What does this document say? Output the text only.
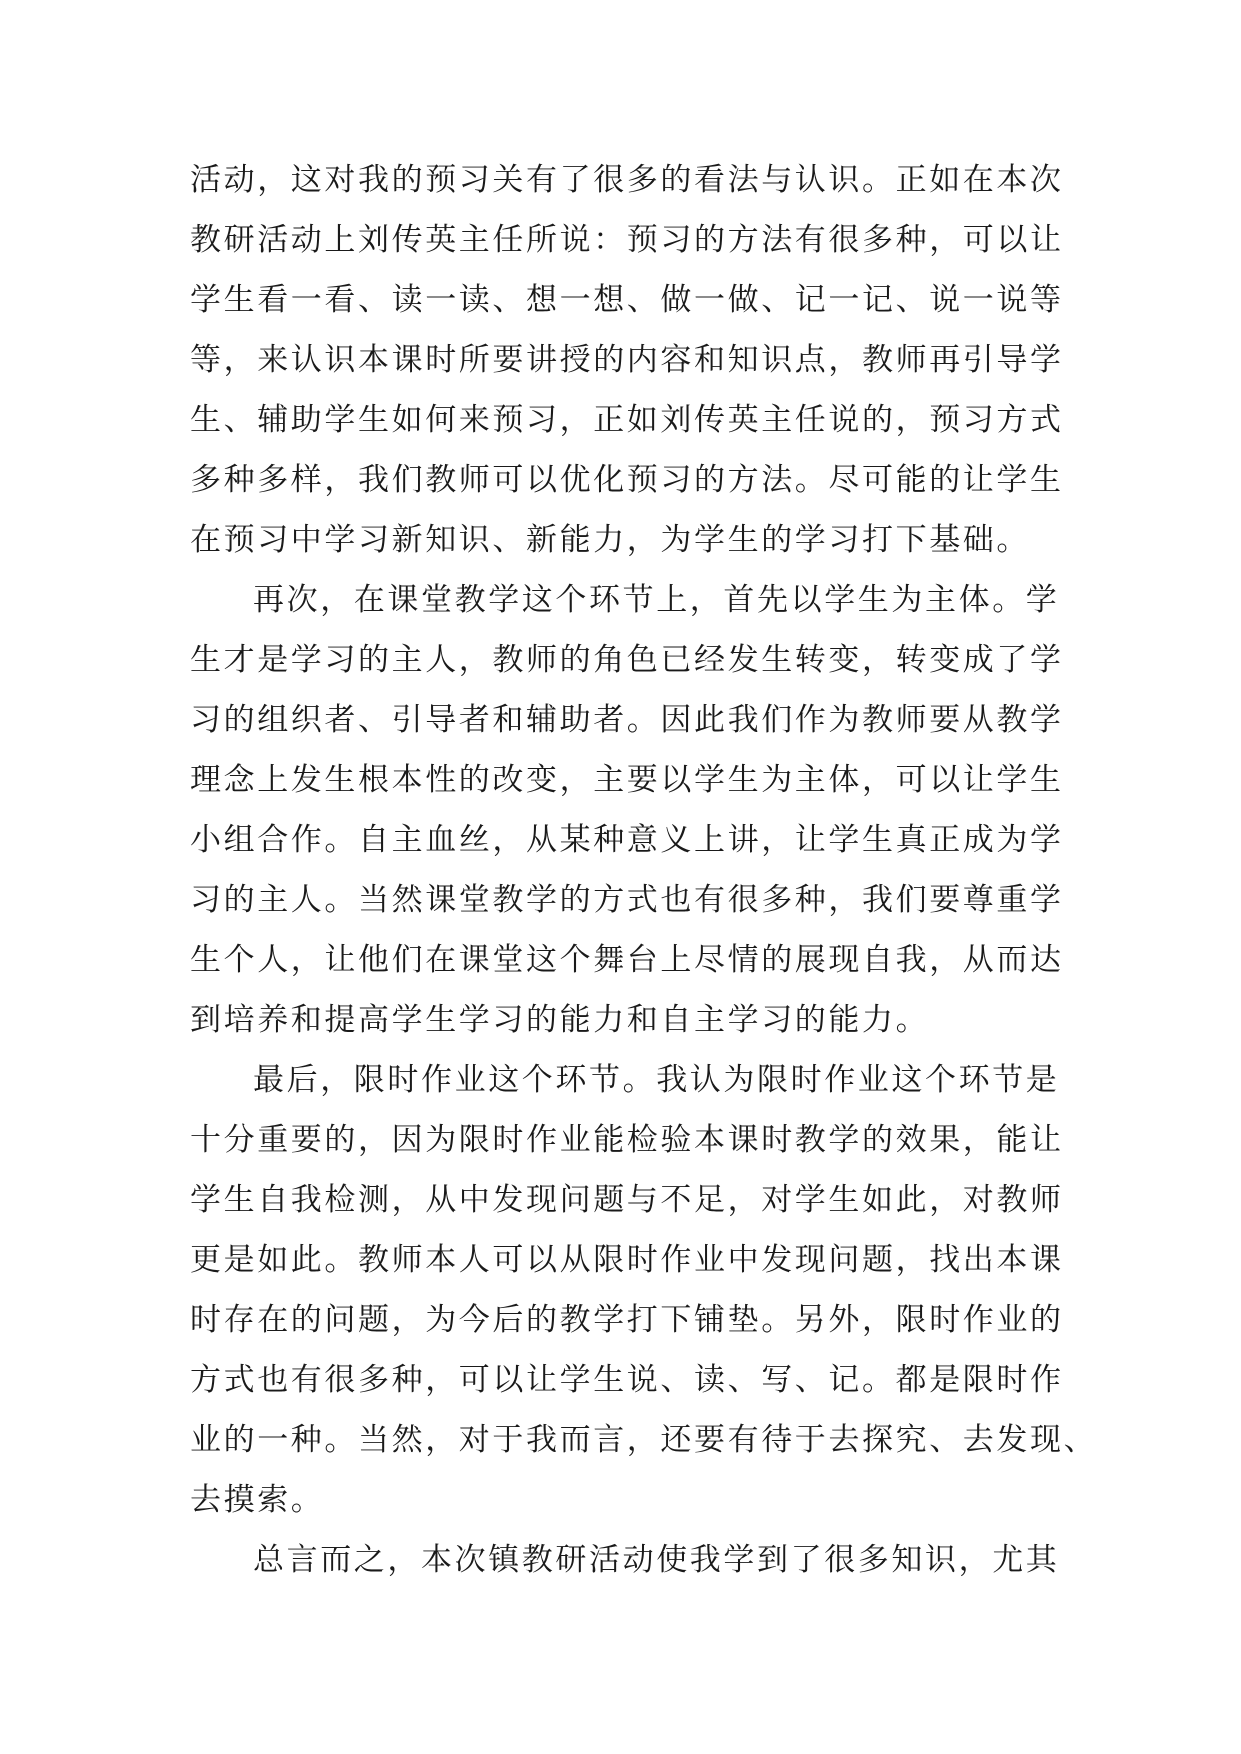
活动，这对我的预习关有了很多的看法与认识。正如在本次
教研活动上刘传英主任所说：预习的方法有很多种，可以让
学生看一看、读一读、想一想、做一做、记一记、说一说等
等，来认识本课时所要讲授的内容和知识点，教师再引导学
生、辅助学生如何来预习，正如刘传英主任说的，预习方式
多种多样，我们教师可以优化预习的方法。尽可能的让学生
在预习中学习新知识、新能力，为学生的学习打下基础。
再次，在课堂教学这个环节上，首先以学生为主体。学
生才是学习的主人，教师的角色已经发生转变，转变成了学
习的组织者、引导者和辅助者。因此我们作为教师要从教学
理念上发生根本性的改变，主要以学生为主体，可以让学生
小组合作。自主血丝，从某种意义上讲，让学生真正成为学
习的主人。当然课堂教学的方式也有很多种，我们要尊重学
生个人，让他们在课堂这个舞台上尽情的展现自我，从而达
到培养和提高学生学习的能力和自主学习的能力。
最后，限时作业这个环节。我认为限时作业这个环节是
十分重要的，因为限时作业能检验本课时教学的效果，能让
学生自我检测，从中发现问题与不足，对学生如此，对教师
更是如此。教师本人可以从限时作业中发现问题，找出本课
时存在的问题，为今后的教学打下铺垫。另外，限时作业的
方式也有很多种，可以让学生说、读、写、记。都是限时作
业的一种。当然，对于我而言，还要有待于去探究、去发现、
去摸索。
总言而之，本次镇教研活动使我学到了很多知识，尤其
